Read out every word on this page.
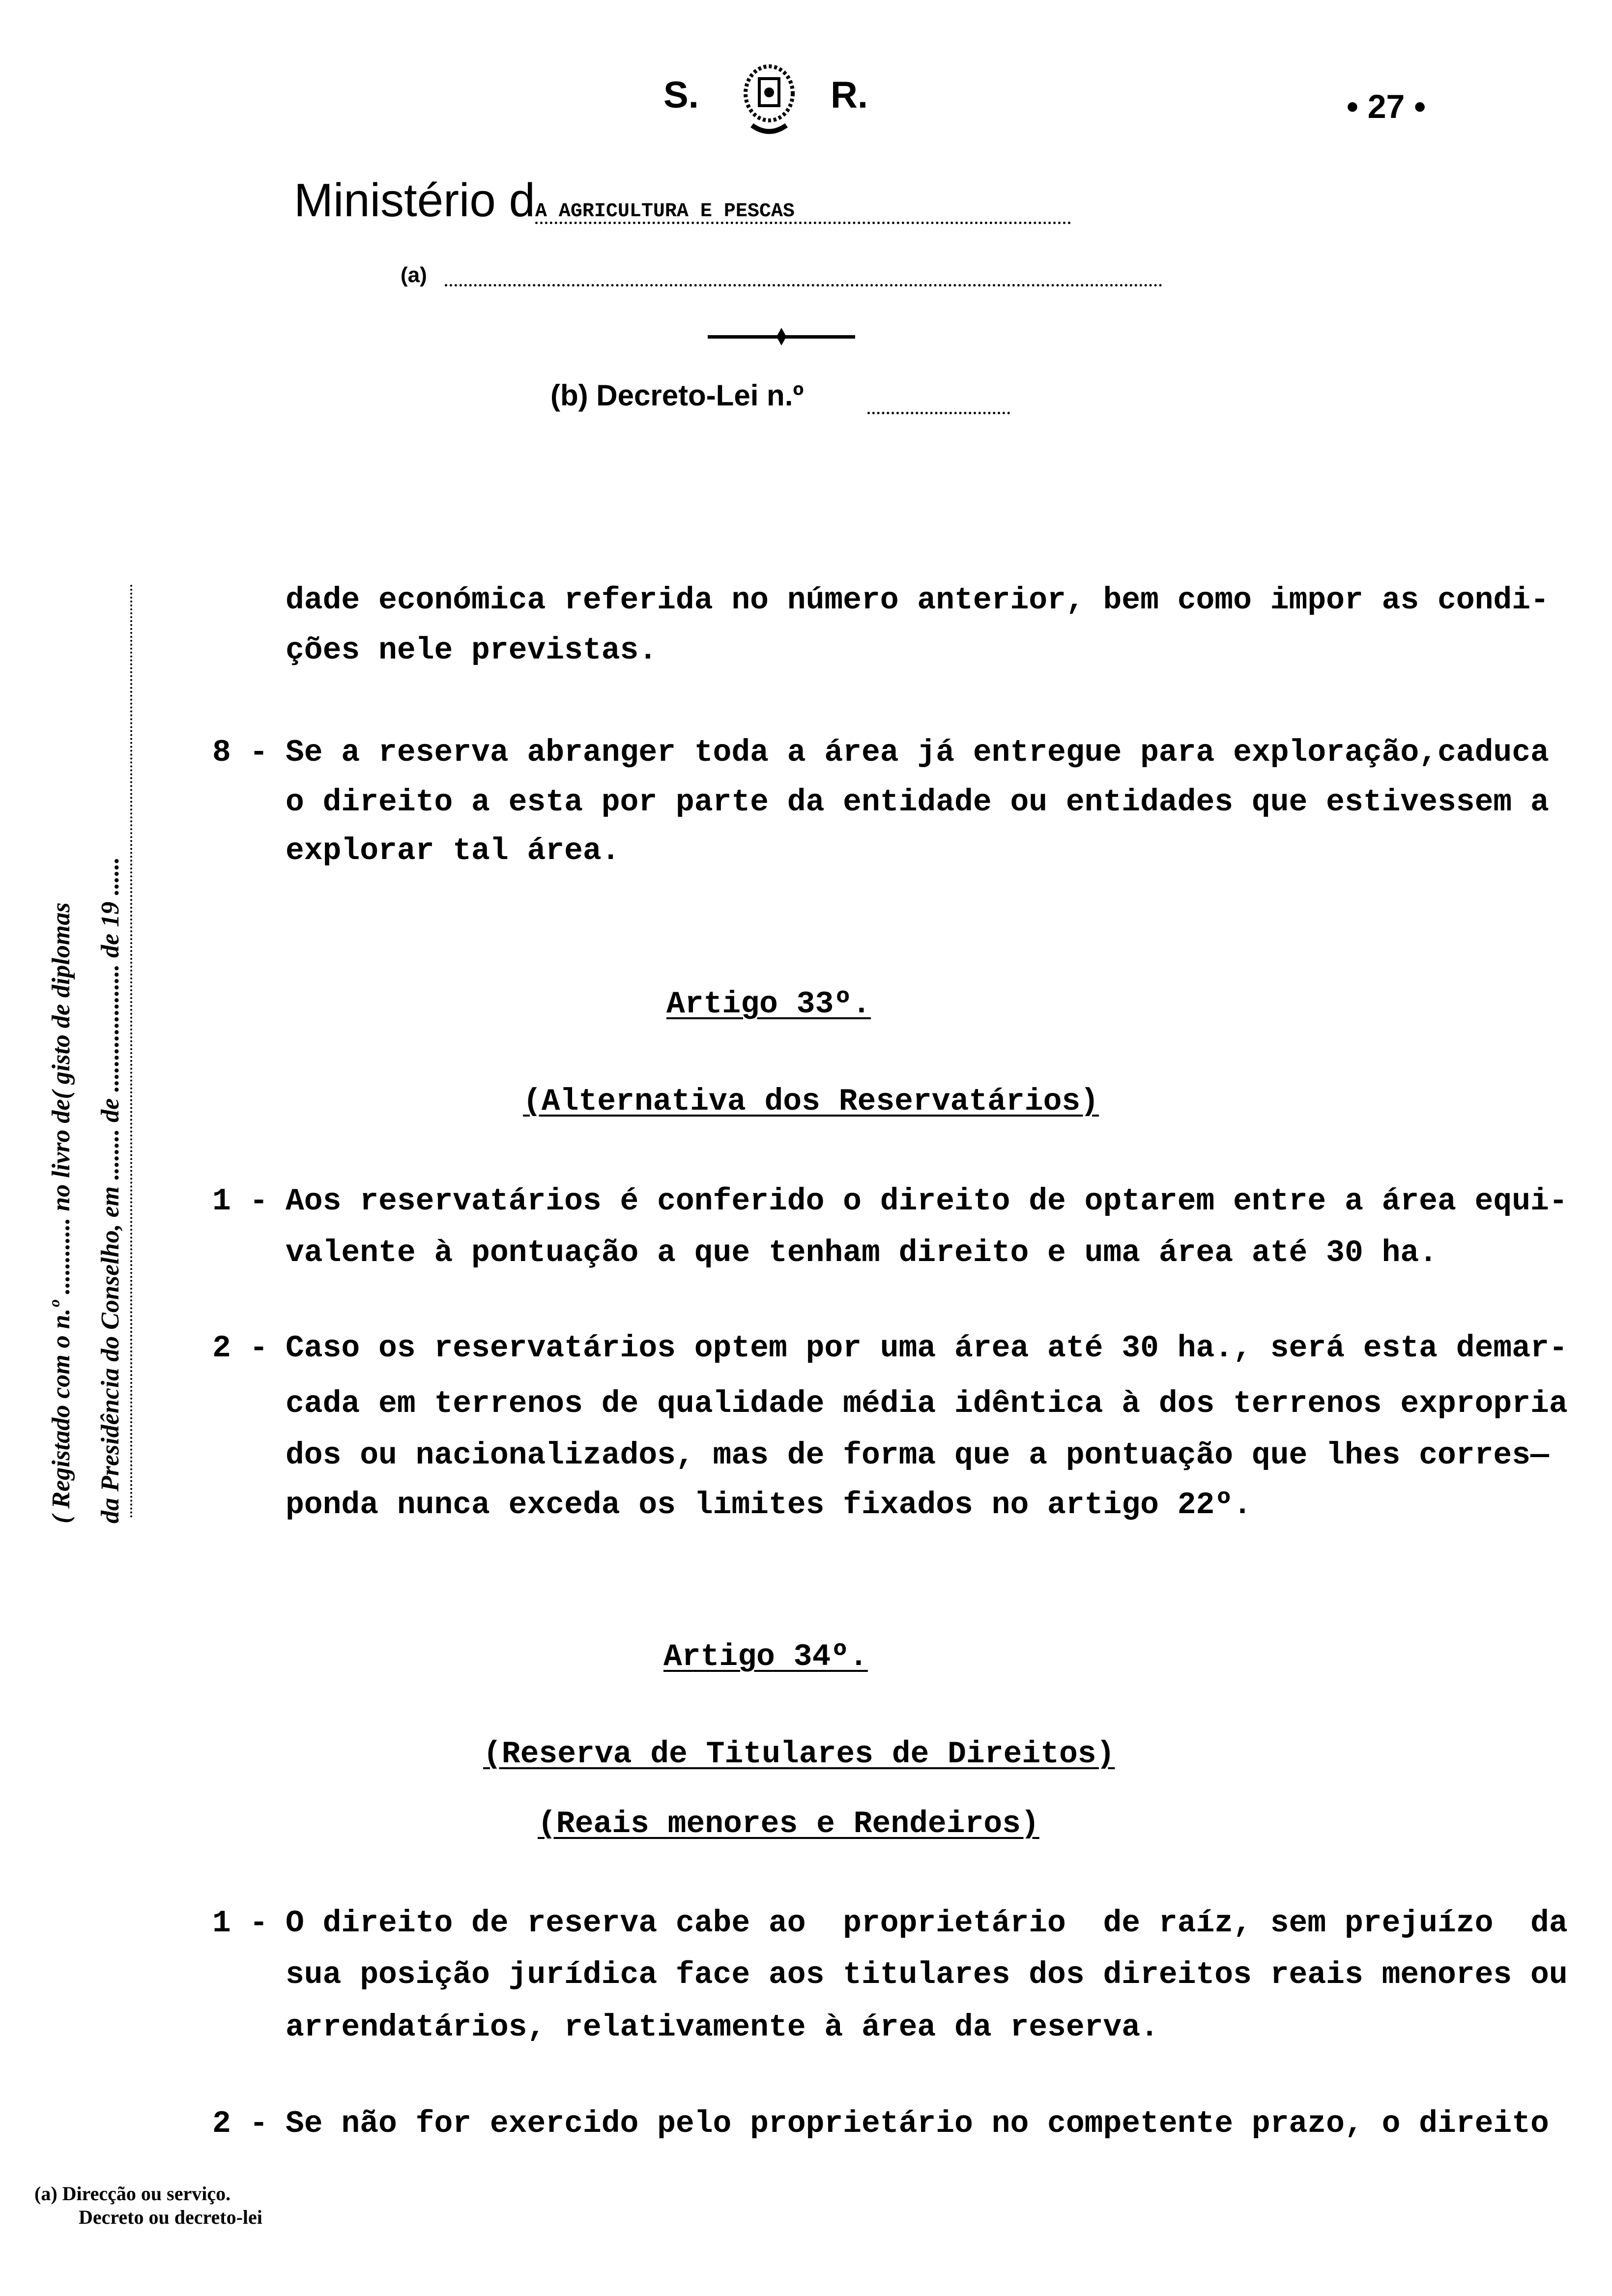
S.	R.	• 27 •

Ministério dA AGRICULTURA E PESCAS

(a)
(b) Decreto-Lei n.º
( Registado com o n.º ............ no livro de( gisto de diplomas da Presidência do Conselho, em ........ de .................... de 19 ......
dade económica referida no número anterior, bem como impor as condi-
ções nele previstas.
8 - Se a reserva abranger toda a área já entregue para exploração,caduca
o direito a esta por parte da entidade ou entidades que estivessem a
explorar tal área.
Artigo 33º.
(Alternativa dos Reservatários)
1 - Aos reservatários é conferido o direito de optarem entre a área equi-
valente à pontuação a que tenham direito e uma área até 30 ha.
2 - Caso os reservatários optem por uma área até 30 ha., será esta demar-
cada em terrenos de qualidade média idêntica à dos terrenos expropria
dos ou nacionalizados, mas de forma que a pontuação que lhes corres—
ponda nunca exceda os limites fixados no artigo 22º.
Artigo 34º.
(Reserva de Titulares de Direitos)
(Reais menores e Rendeiros)
1 - O direito de reserva cabe ao  proprietário  de raíz, sem prejuízo  da
sua posição jurídica face aos titulares dos direitos reais menores ou
arrendatários, relativamente à área da reserva.
2 - Se não for exercido pelo proprietário no competente prazo, o direito
(a) Direcção ou serviço.
Decreto ou decreto-lei
